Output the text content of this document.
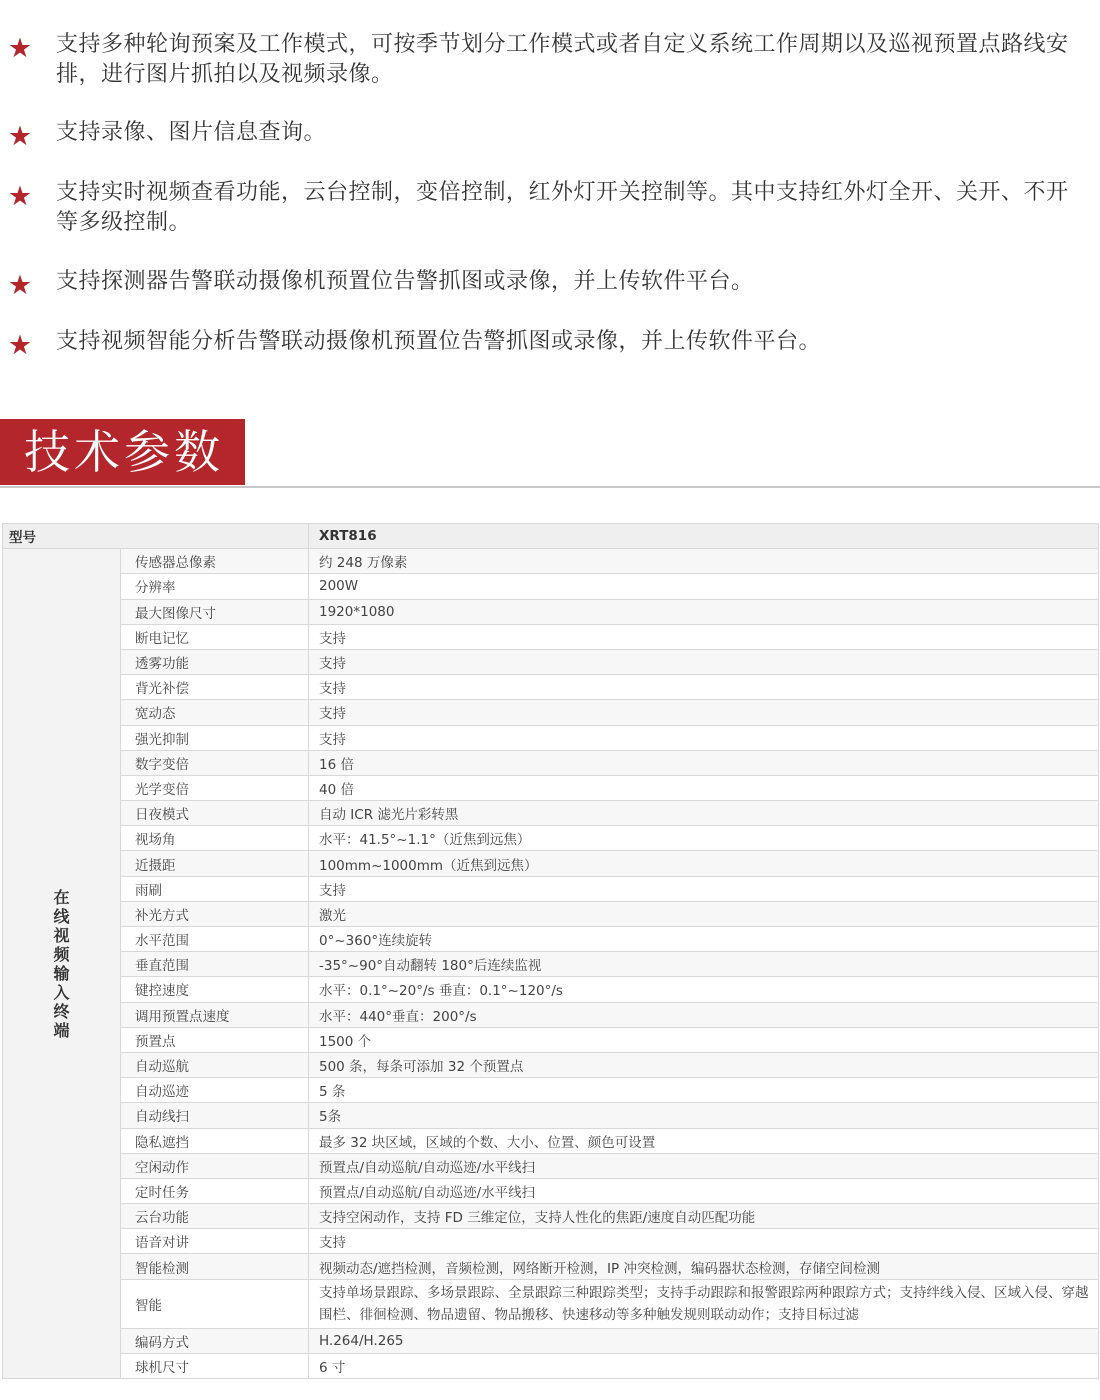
★	支持多种轮询预案及工作模式，可按季节划分工作模式或者自定义系统工作周期以及巡视预置点路线安排，进行图片抓拍以及视频录像。
★	支持录像、图片信息查询。
★	支持实时视频查看功能，云台控制，变倍控制，红外灯开关控制等。其中支持红外灯全开、关开、不开等多级控制。
★	支持探测器告警联动摄像机预置位告警抓图或录像，并上传软件平台。
★	支持视频智能分析告警联动摄像机预置位告警抓图或录像，并上传软件平台。
技术参数
型号		XRT816

在线视频输入终端	传感器总像素	约 248 万像素
	分辨率	200W
	最大图像尺寸	1920*1080
	断电记忆	支持
	透雾功能	支持
	背光补偿	支持
	宽动态	支持
	强光抑制	支持
	数字变倍	16 倍
	光学变倍	40 倍
	日夜模式	自动 ICR 滤光片彩转黑
	视场角	水平：41.5°~1.1°（近焦到远焦）
	近摄距	100mm~1000mm（近焦到远焦）
	雨刷	支持
	补光方式	激光
	水平范围	0°~360°连续旋转
	垂直范围	-35°~90°自动翻转 180°后连续监视
	键控速度	水平：0.1°~20°/s 垂直：0.1°~120°/s
	调用预置点速度	水平：440°垂直：200°/s
	预置点	1500 个
	自动巡航	500 条，每条可添加 32 个预置点
	自动巡迹	5 条
	自动线扫	5条
	隐私遮挡	最多 32 块区域，区域的个数、大小、位置、颜色可设置
	空闲动作	预置点/自动巡航/自动巡迹/水平线扫
	定时任务	预置点/自动巡航/自动巡迹/水平线扫
	云台功能	支持空闲动作，支持 FD 三维定位，支持人性化的焦距/速度自动匹配功能
	语音对讲	支持
	智能检测	视频动态/遮挡检测，音频检测，网络断开检测，IP 冲突检测，编码器状态检测，存储空间检测
	智能	支持单场景跟踪、多场景跟踪、全景跟踪三种跟踪类型；支持手动跟踪和报警跟踪两种跟踪方式；支持绊线入侵、区域入侵、穿越围栏、徘徊检测、物品遗留、物品搬移、快速移动等多种触发规则联动动作；支持目标过滤
	编码方式	H.264/H.265
	球机尺寸	6 寸
